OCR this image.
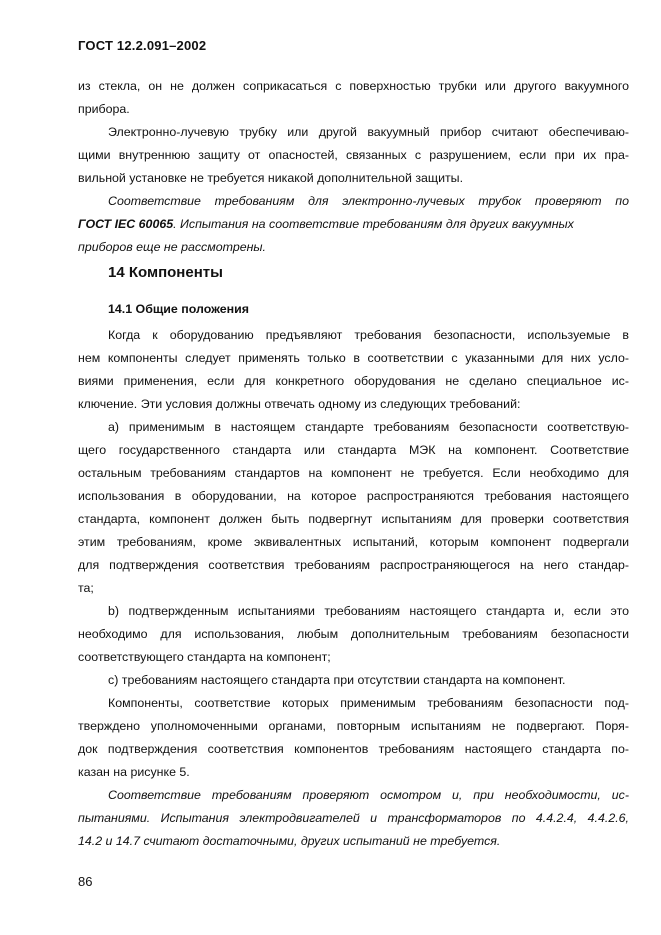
ГОСТ 12.2.091–2002
из стекла, он не должен соприкасаться с поверхностью трубки или другого вакуумного
прибора.
Электронно-лучевую трубку или другой вакуумный прибор считают обеспечиваю-
щими внутреннюю защиту от опасностей, связанных с разрушением, если при их пра-
вильной установке не требуется никакой дополнительной защиты.
Соответствие требованиям для электронно-лучевых трубок проверяют по
ГОСТ IEC 60065. Испытания на соответствие требованиям для других вакуумных
приборов еще не рассмотрены.
14 Компоненты
14.1 Общие положения
Когда к оборудованию предъявляют требования безопасности, используемые в
нем компоненты следует применять только в соответствии с указанными для них усло-
виями применения, если для конкретного оборудования не сделано специальное ис-
ключение. Эти условия должны отвечать одному из следующих требований:
а) применимым в настоящем стандарте требованиям безопасности соответствую-
щего государственного стандарта или стандарта МЭК на компонент. Соответствие
остальным требованиям стандартов на компонент не требуется. Если необходимо для
использования в оборудовании, на которое распространяются требования настоящего
стандарта, компонент должен быть подвергнут испытаниям для проверки соответствия
этим требованиям, кроме эквивалентных испытаний, которым компонент подвергали
для подтверждения соответствия требованиям распространяющегося на него стандар-
та;
b) подтвержденным испытаниями требованиям настоящего стандарта и, если это
необходимо для использования, любым дополнительным требованиям безопасности
соответствующего стандарта на компонент;
с) требованиям настоящего стандарта при отсутствии стандарта на компонент.
Компоненты, соответствие которых применимым требованиям безопасности под-
тверждено уполномоченными органами, повторным испытаниям не подвергают. Поря-
док подтверждения соответствия компонентов требованиям настоящего стандарта по-
казан на рисунке 5.
Соответствие требованиям проверяют осмотром и, при необходимости, ис-
пытаниями. Испытания электродвигателей и трансформаторов по 4.4.2.4, 4.4.2.6,
14.2 и 14.7 считают достаточными, других испытаний не требуется.
86
